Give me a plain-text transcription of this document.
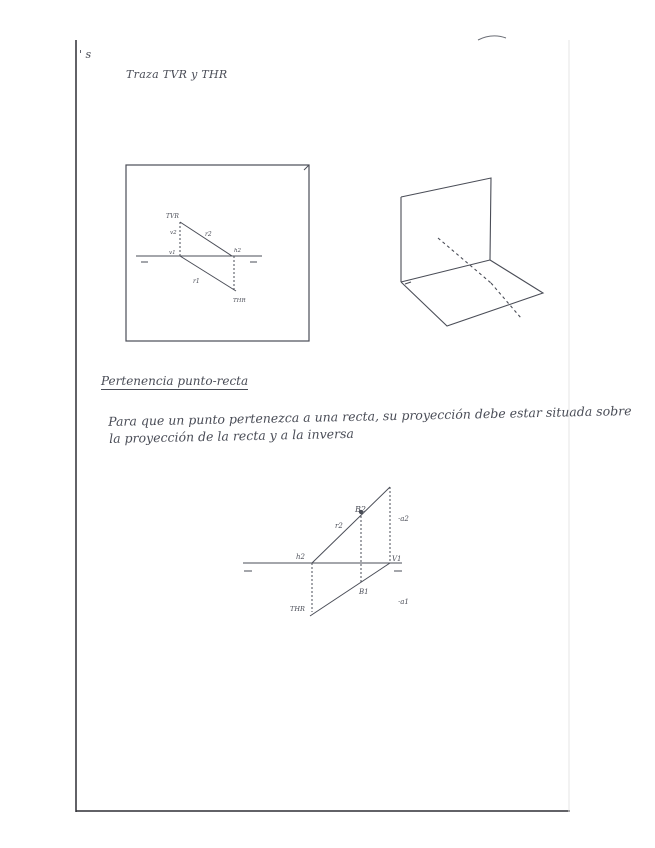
TVR
v2	r2
h2
v1
r1
THR
B2
r2
·a2
h2	V1
B1
·a1
THR

' s

Traza TVR y THR

Pertenencia punto-recta

Para que un punto pertenezca a una recta, su proyección debe estar situada sobre

la proyección de la recta y a la inversa
